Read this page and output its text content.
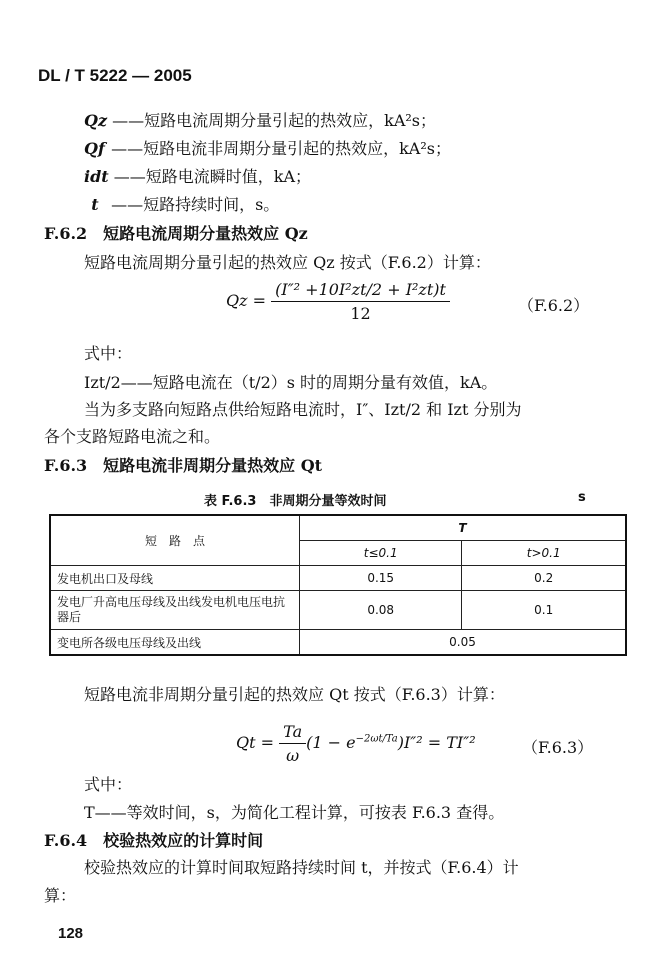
DL / T 5222 — 2005
Qz ——短路电流周期分量引起的热效应，kA²s；
Qf ——短路电流非周期分量引起的热效应，kA²s；
idt ——短路电流瞬时值，kA；
t ——短路持续时间，s。
F.6.2　 短路电流周期分量热效应 Qz
短路电流周期分量引起的热效应 Qz 按式（F.6.2）计算：
$Qz = \frac{\text{(I″² +10I²zt/2 + I²zt)t}}{12}$	（F.6.2）
式中：
Izt/2——短路电流在（t/2）s 时的周期分量有效值，kA。
当为多支路向短路点供给短路电流时，I″、Izt/2 和 Izt 分别为
各个支路短路电流之和。
F.6.3　 短路电流非周期分量热效应 Qt
表 F.6.3　非周期分量等效时间	s
短　路　点	T	
	t≤0.1	t>0.1
发电机出口及母线	0.15	0.2
发电厂升高电压母线及出线发电机电压电抗器后	0.08	0.1
变电所各级电压母线及出线	0.05	
短路电流非周期分量引起的热效应 Qt 按式（F.6.3）计算：
$Qt = \frac{Ta}{\omega} (1 - e^{-2\omega t/Ta})I''^2 = TI''^2$	（F.6.3）
式中：
T——等效时间，s，为简化工程计算，可按表 F.6.3 查得。
F.6.4　 校验热效应的计算时间
校验热效应的计算时间取短路持续时间 t，并按式（F.6.4）计
算：
128
